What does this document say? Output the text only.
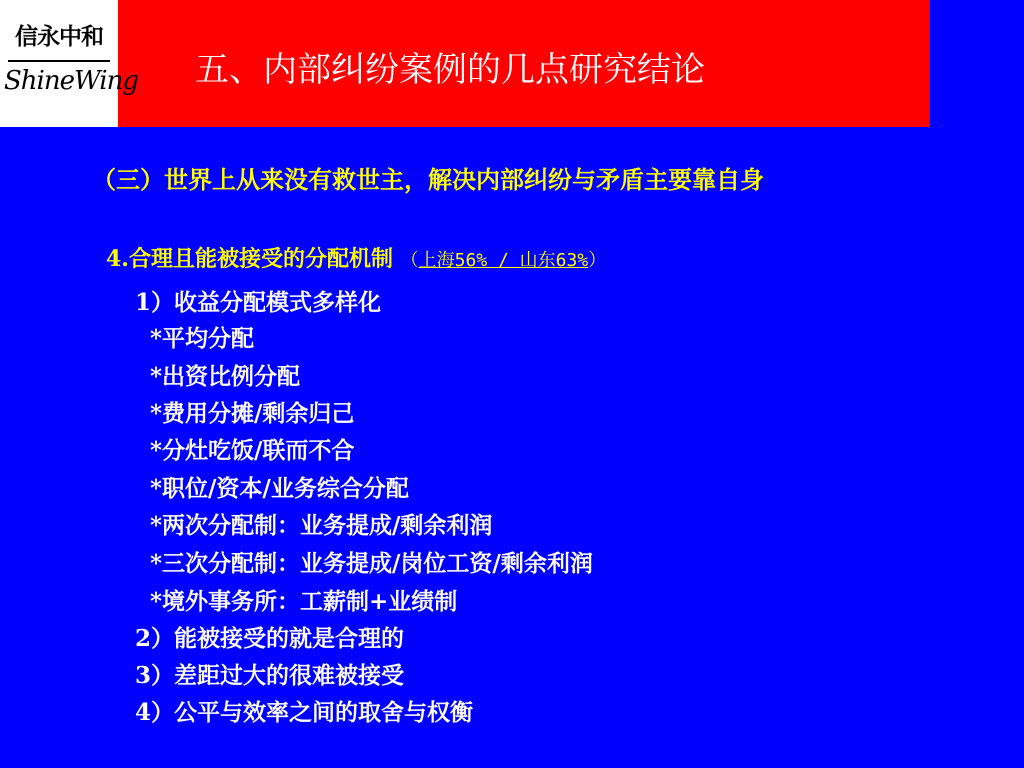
信永中和
ShineWing 五、内部纠纷案例的几点研究结论
（三）世界上从来没有救世主，解决内部纠纷与矛盾主要靠自身
4.合理且能被接受的分配机制 （上海56% / 山东63%）
1）收益分配模式多样化
*平均分配
*出资比例分配
*费用分摊/剩余归己
*分灶吃饭/联而不合
*职位/资本/业务综合分配
*两次分配制：业务提成/剩余利润
*三次分配制：业务提成/岗位工资/剩余利润
*境外事务所：工薪制+业绩制
2）能被接受的就是合理的
3）差距过大的很难被接受
4）公平与效率之间的取舍与权衡
